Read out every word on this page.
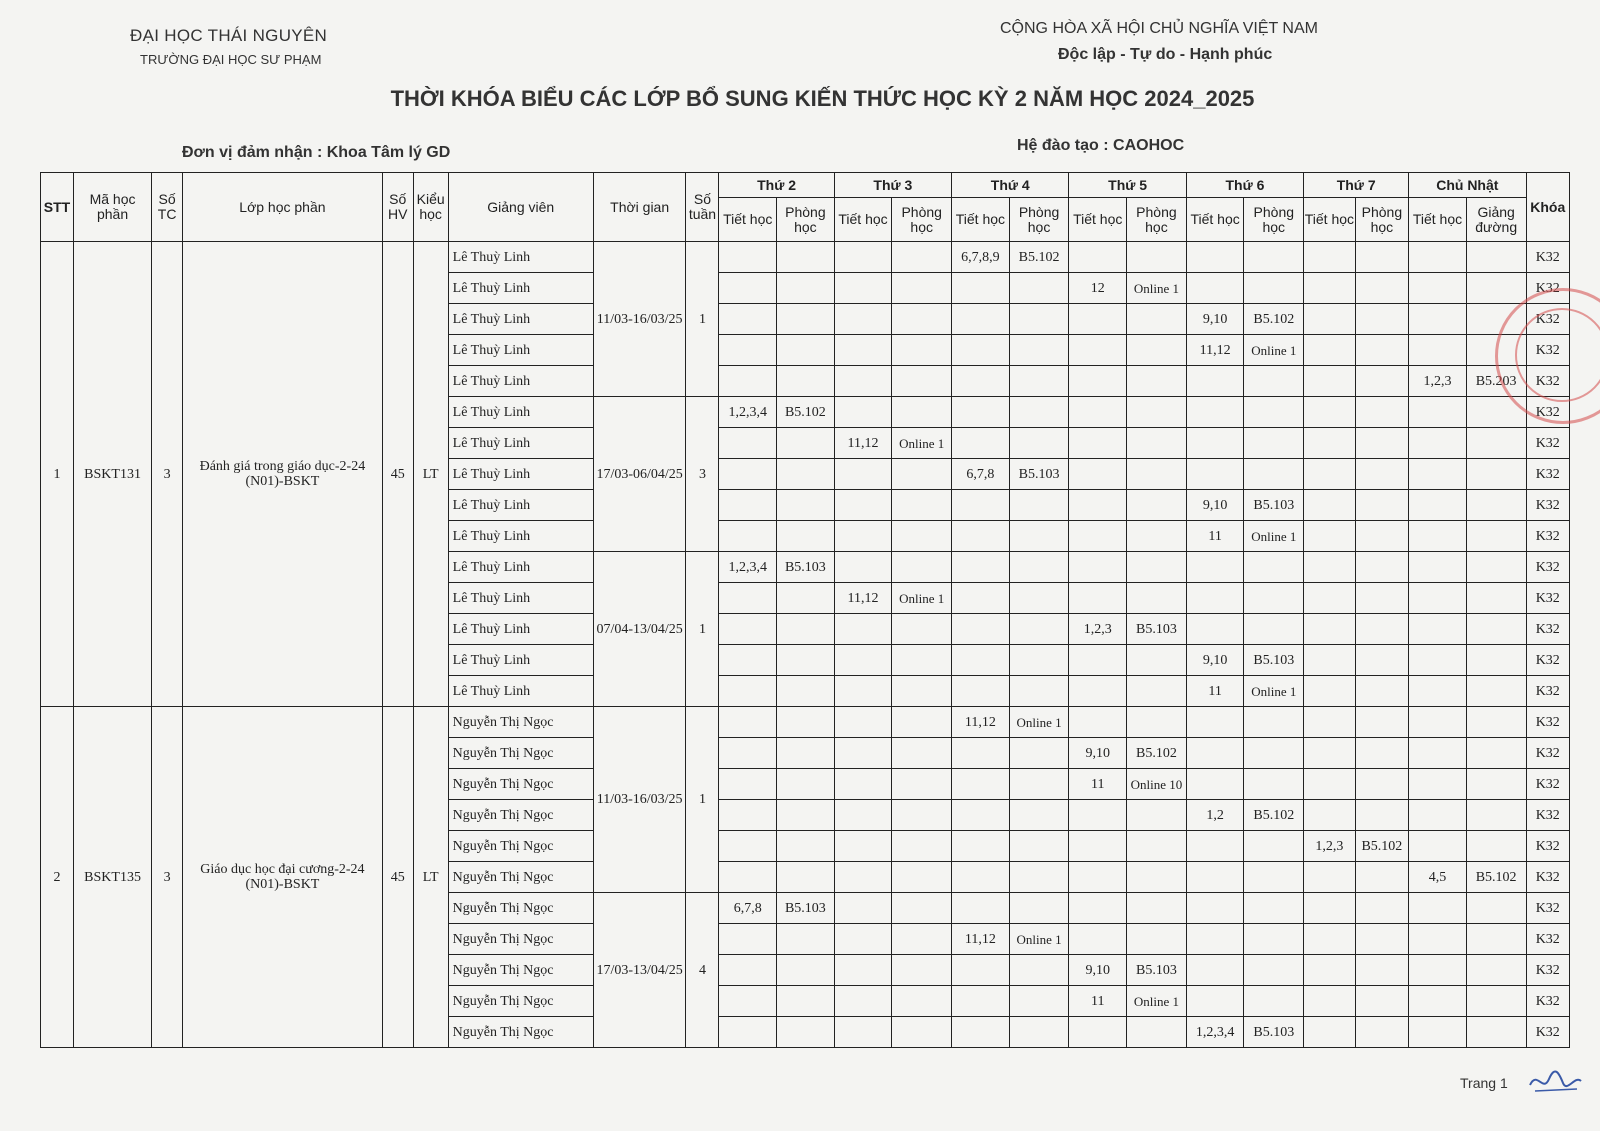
ĐẠI HỌC THÁI NGUYÊN
TRƯỜNG ĐẠI HỌC SƯ PHẠM
CỘNG HÒA XÃ HỘI CHỦ NGHĨA VIỆT NAM
Độc lập - Tự do - Hạnh phúc
THỜI KHÓA BIỂU CÁC LỚP BỔ SUNG KIẾN THỨC HỌC KỲ 2 NĂM HỌC 2024_2025
Đơn vị đảm nhận : Khoa Tâm lý GD	Hệ đào tạo : CAOHOC
STT	Mã học phần	Số TC	Lớp học phần	Số HV	Kiểu học	Giảng viên	Thời gian	Số tuần	Thứ 2		Thứ 3		Thứ 4		Thứ 5		Thứ 6		Thứ 7		Chủ Nhật		Khóa
									Tiết học	Phòng học	Tiết học	Phòng học	Tiết học	Phòng học	Tiết học	Phòng học	Tiết học	Phòng học	Tiết học	Phòng học	Tiết học	Giảng đường	
1	BSKT131	3	Đánh giá trong giáo dục-2-24 (N01)-BSKT	45	LT	Lê Thuỳ Linh	11/03-16/03/25	1					6,7,8,9	B5.102									K32
						Lê Thuỳ Linh									12	Online 1							K32
						Lê Thuỳ Linh											9,10	B5.102					K32
						Lê Thuỳ Linh											11,12	Online 1					K32
						Lê Thuỳ Linh															1,2,3	B5.203	K32
						Lê Thuỳ Linh	17/03-06/04/25	3	1,2,3,4	B5.102													K32
						Lê Thuỳ Linh					11,12	Online 1											K32
						Lê Thuỳ Linh							6,7,8	B5.103									K32
						Lê Thuỳ Linh											9,10	B5.103					K32
						Lê Thuỳ Linh											11	Online 1					K32
						Lê Thuỳ Linh	07/04-13/04/25	1	1,2,3,4	B5.103													K32
						Lê Thuỳ Linh					11,12	Online 1											K32
						Lê Thuỳ Linh									1,2,3	B5.103							K32
						Lê Thuỳ Linh											9,10	B5.103					K32
						Lê Thuỳ Linh											11	Online 1					K32
2	BSKT135	3	Giáo dục học đại cương-2-24 (N01)-BSKT	45	LT	Nguyễn Thị Ngọc	11/03-16/03/25	1					11,12	Online 1									K32
						Nguyễn Thị Ngọc									9,10	B5.102							K32
						Nguyễn Thị Ngọc									11	Online 10							K32
						Nguyễn Thị Ngọc											1,2	B5.102					K32
						Nguyễn Thị Ngọc													1,2,3	B5.102			K32
						Nguyễn Thị Ngọc															4,5	B5.102	K32
						Nguyễn Thị Ngọc	17/03-13/04/25	4	6,7,8	B5.103													K32
						Nguyễn Thị Ngọc							11,12	Online 1									K32
						Nguyễn Thị Ngọc									9,10	B5.103							K32
						Nguyễn Thị Ngọc									11	Online 1							K32
						Nguyễn Thị Ngọc											1,2,3,4	B5.103					K32
Trang 1
